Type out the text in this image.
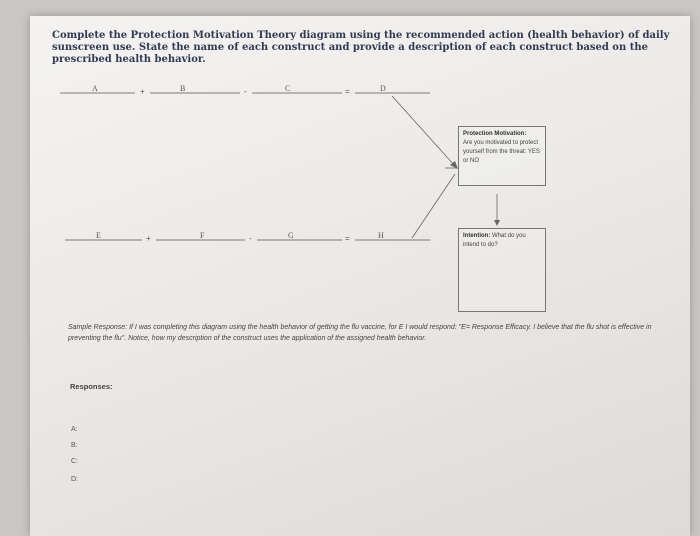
Complete the Protection Motivation Theory diagram using the recommended action (health behavior) of daily sunscreen use. State the name of each construct and provide a description of each construct based on the prescribed health behavior.
A	+	B	-	C	=	D
E	+	F	-	G	=	H
Protection Motivation:
Are you motivated to protect yourself from the threat: YES or NO
Intention: What do you intend to do?
Sample Response: If I was completing this diagram using the health behavior of getting the flu vaccine, for E I would respond: "E= Response Efficacy. I believe that the flu shot is effective in preventing the flu". Notice, how my description of the construct uses the application of the assigned health behavior.
Responses:
A:
B:
C:
D:
